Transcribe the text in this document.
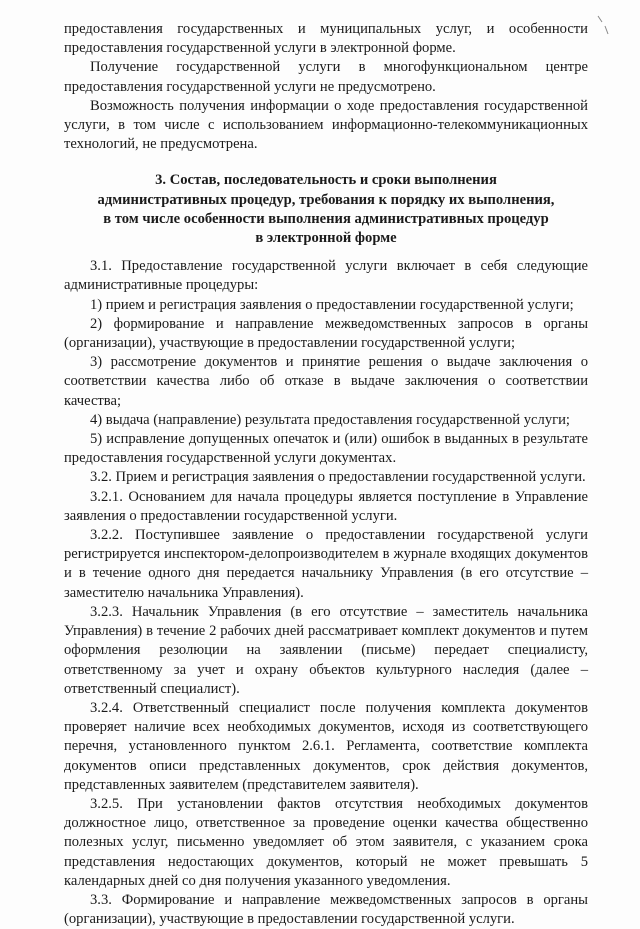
предоставления государственных и муниципальных услуг, и особенности предоставления государственной услуги в электронной форме.

Получение государственной услуги в многофункциональном центре предоставления государственной услуги не предусмотрено.

Возможность получения информации о ходе предоставления государственной услуги, в том числе с использованием информационно-телекоммуникационных технологий, не предусмотрена.

3. Состав, последовательность и сроки выполнения
административных процедур, требования к порядку их выполнения,
в том числе особенности выполнения административных процедур
в электронной форме

3.1. Предоставление государственной услуги включает в себя следующие административные процедуры:

1) прием и регистрация заявления о предоставлении государственной услуги;

2) формирование и направление межведомственных запросов в органы (организации), участвующие в предоставлении государственной услуги;

3) рассмотрение документов и принятие решения о выдаче заключения о соответствии качества либо об отказе в выдаче заключения о соответствии качества;

4) выдача (направление) результата предоставления государственной услуги;

5) исправление допущенных опечаток и (или) ошибок в выданных в результате предоставления государственной услуги документах.

3.2. Прием и регистрация заявления о предоставлении государственной услуги.

3.2.1. Основанием для начала процедуры является поступление в Управление заявления о предоставлении государственной услуги.

3.2.2. Поступившее заявление о предоставлении государственой услуги регистрируется инспектором-делопроизводителем в журнале входящих документов и в течение одного дня передается начальнику Управления (в его отсутствие – заместителю начальника Управления).

3.2.3. Начальник Управления (в его отсутствие – заместитель начальника Управления) в течение 2 рабочих дней рассматривает комплект документов и путем оформления резолюции на заявлении (письме) передает специалисту, ответственному за учет и охрану объектов культурного наследия (далее – ответственный специалист).

3.2.4. Ответственный специалист после получения комплекта документов проверяет наличие всех необходимых документов, исходя из соответствующего перечня, установленного пунктом 2.6.1. Регламента, соответствие комплекта документов описи представленных документов, срок действия документов, представленных заявителем (представителем заявителя).

3.2.5. При установлении фактов отсутствия необходимых документов должностное лицо, ответственное за проведение оценки качества общественно полезных услуг, письменно уведомляет об этом заявителя, с указанием срока представления недостающих документов, который не может превышать 5 календарных дней со дня получения указанного уведомления.

3.3. Формирование и направление межведомственных запросов в органы (организации), участвующие в предоставлении государственной услуги.
